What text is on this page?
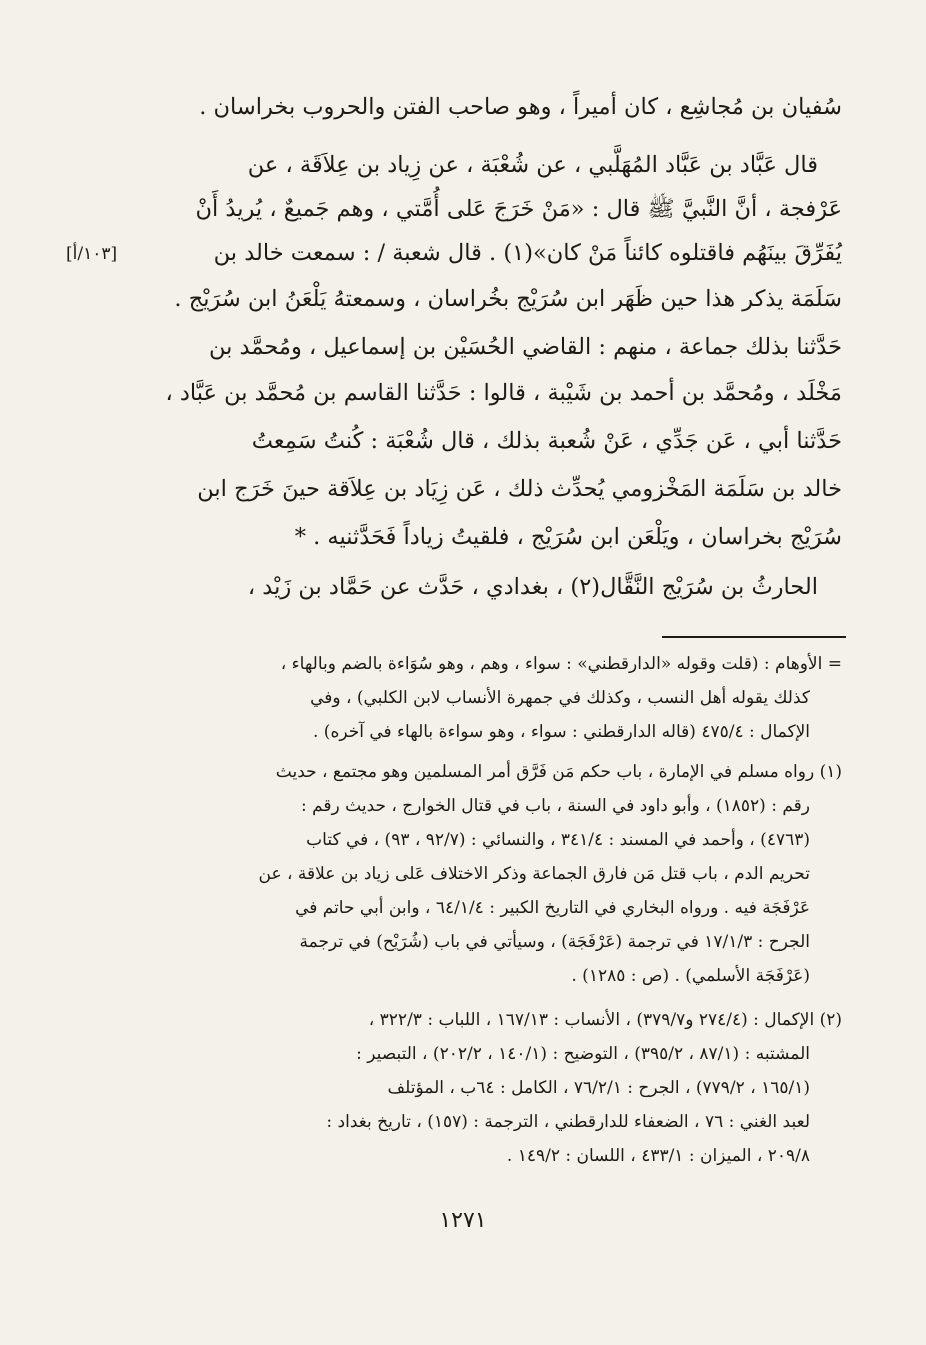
سُفيان بن مُجاشِع ، كان أميراً ، وهو صاحب الفتن والحروب بخراسان .

قال عَبَّاد بن عَبَّاد المُهَلَّبي ، عن شُعْبَة ، عن زِياد بن عِلاَقَة ، عن

عَرْفجة ، أنَّ النَّبيَّ ﷺ قال : «مَنْ خَرَجَ عَلى أُمَّتي ، وهم جَميعٌ ، يُريدُ أَنْ

يُفَرِّقَ بينَهُم فاقتلوه كائناً مَنْ كان»(١) . قال شعبة / : سمعت خالد بن

سَلَمَة يذكر هذا حين ظَهَر ابن سُرَيْج بخُراسان ، وسمعتهُ يَلْعَنُ ابن سُرَيْج .

حَدَّثنا بذلك جماعة ، منهم : القاضي الحُسَيْن بن إسماعيل ، ومُحمَّد بن

مَخْلَد ، ومُحمَّد بن أحمد بن شَيْبة ، قالوا : حَدَّثنا القاسم بن مُحمَّد بن عَبَّاد ،

حَدَّثنا أبي ، عَن جَدِّي ، عَنْ شُعبة بذلك ، قال شُعْبَة : كُنتُ سَمِعتُ

خالد بن سَلَمَة المَخْزومي يُحدِّث ذلك ، عَن زِيَاد بن عِلاَقة حينَ خَرَج ابن

سُرَيْج بخراسان ، ويَلْعَن ابن سُرَيْج ، فلقيتُ زياداً فَحَدَّثنيه . *

الحارثُ بن سُرَيْج النَّقَّال(٢) ، بغدادي ، حَدَّث عن حَمَّاد بن زَيْد ،

[١٠٣/أ]

= الأوهام : (قلت وقوله «الدارقطني» : سواء ، وهم ، وهو سُوَاءة بالضم وبالهاء ،

كذلك يقوله أهل النسب ، وكذلك في جمهرة الأنساب لابن الكلبي) ، وفي

الإكمال : ٤٧٥/٤ (قاله الدارقطني : سواء ، وهو سواءة بالهاء في آخره) .

(١) رواه مسلم في الإمارة ، باب حكم مَن فَرَّق أمر المسلمين وهو مجتمع ، حديث

رقم : (١٨٥٢) ، وأبو داود في السنة ، باب في قتال الخوارج ، حديث رقم :

(٤٧٦٣) ، وأحمد في المسند : ٣٤١/٤ ، والنسائي : (٩٢/٧ ، ٩٣) ، في كتاب

تحريم الدم ، باب قتل مَن فارق الجماعة وذكر الاختلاف عَلى زياد بن علاقة ، عن

عَرْفَجَة فيه . ورواه البخاري في التاريخ الكبير : ٦٤/١/٤ ، وابن أبي حاتم في

الجرح : ١٧/١/٣ في ترجمة (عَرْفَجَة) ، وسيأتي في باب (شُرَيْح) في ترجمة

(عَرْفَجَة الأسلمي) . (ص : ١٢٨٥) .

(٢) الإكمال : (٢٧٤/٤ و٣٧٩/٧) ، الأنساب : ١٦٧/١٣ ، اللباب : ٣٢٢/٣ ،

المشتبه : (٨٧/١ ، ٣٩٥/٢) ، التوضيح : (١٤٠/١ ، ٢٠٢/٢) ، التبصير :

(١٦٥/١ ، ٧٧٩/٢) ، الجرح : ٧٦/٢/١ ، الكامل : ٦٤ب ، المؤتلف

لعبد الغني : ٧٦ ، الضعفاء للدارقطني ، الترجمة : (١٥٧) ، تاريخ بغداد :

٢٠٩/٨ ، الميزان : ٤٣٣/١ ، اللسان : ١٤٩/٢ .

١٢٧١
